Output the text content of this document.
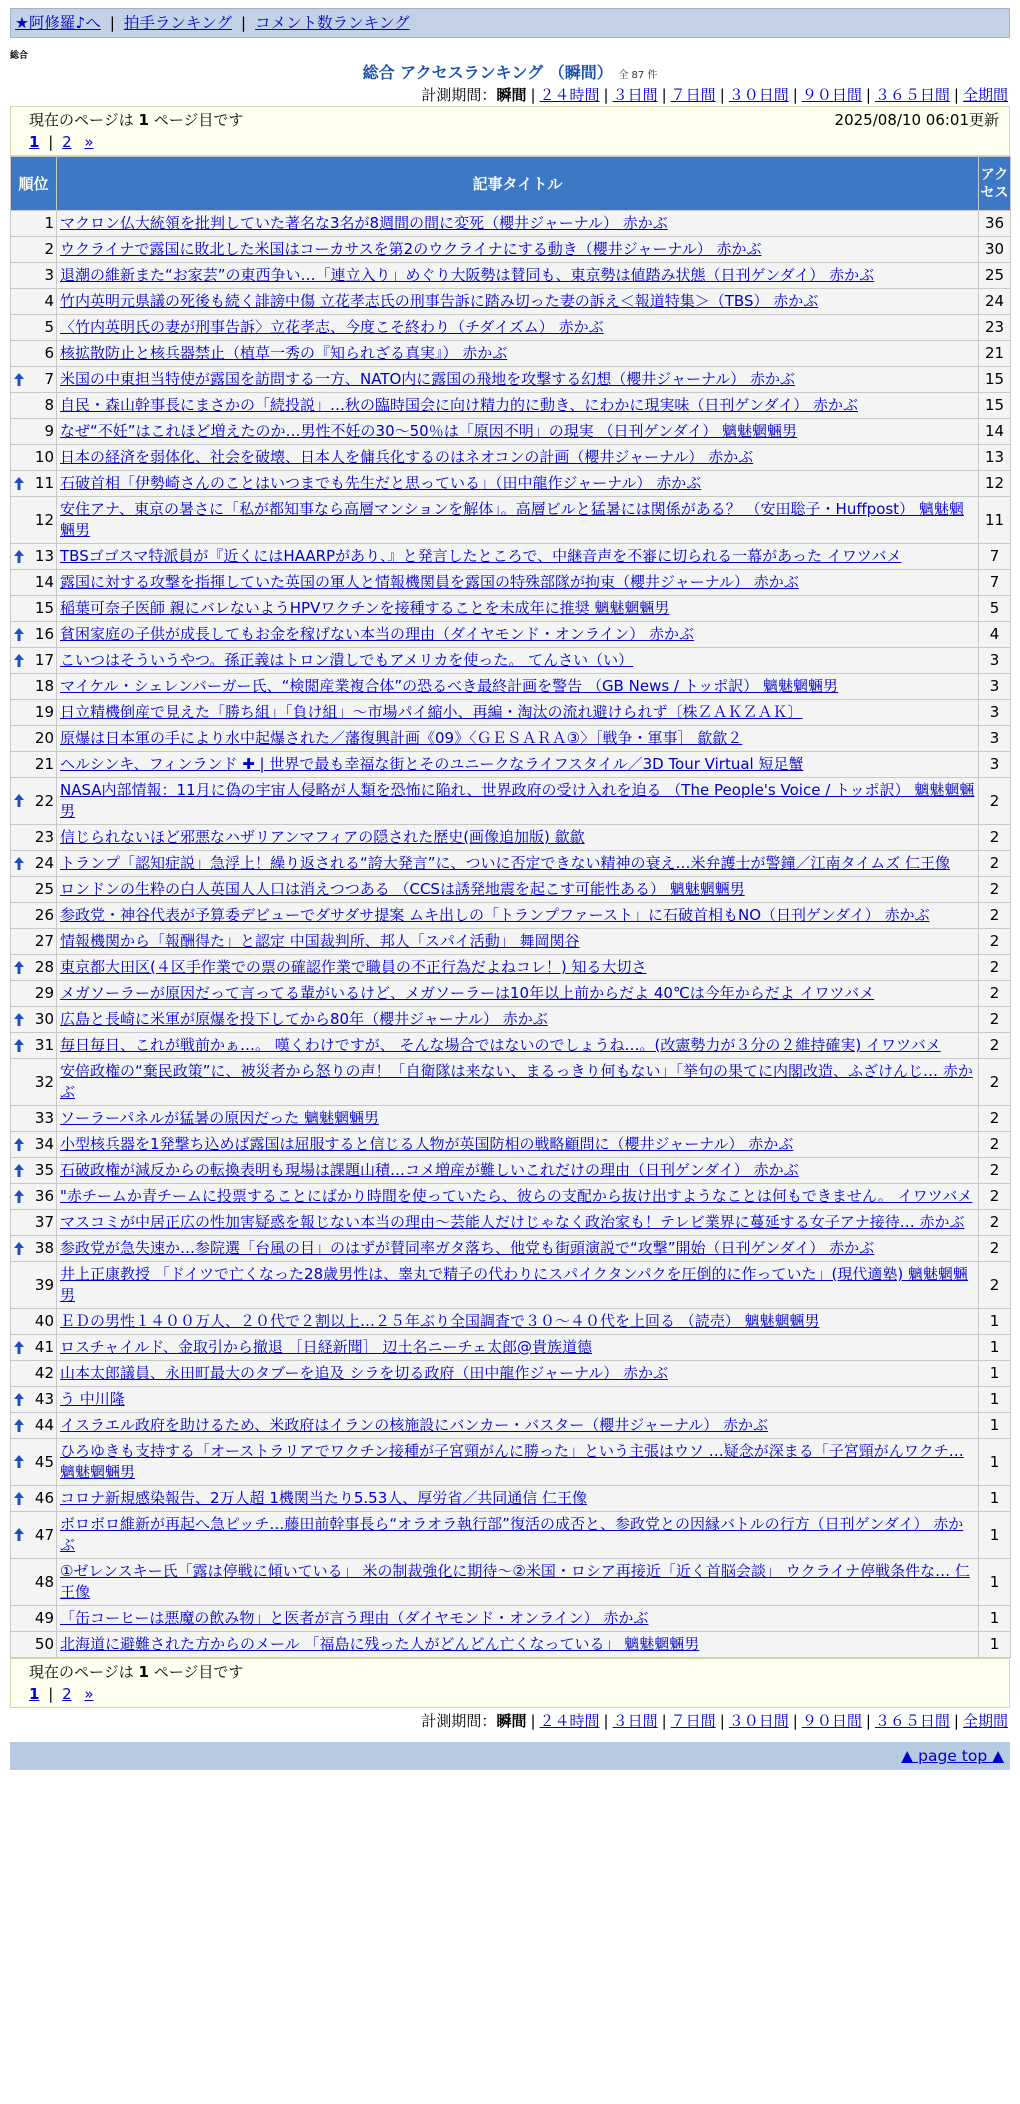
★阿修羅♪へ | 拍手ランキング | コメント数ランキング
総合
総合 アクセスランキング （瞬間） 全 87 件
計測期間：瞬間 | ２４時間 | ３日間 | ７日間 | ３０日間 | ９０日間 | ３６５日間 | 全期間
現在のページは 1 ページ目です	2025/08/10 06:01更新
1 | 2 »
順位	記事タイトル	アクセス
1	マクロン仏大統領を批判していた著名な3名が8週間の間に変死（櫻井ジャーナル） 赤かぶ	36
2	ウクライナで露国に敗北した米国はコーカサスを第2のウクライナにする動き（櫻井ジャーナル） 赤かぶ	30
3	退潮の維新また“お家芸”の東西争い…「連立入り」めぐり大阪勢は賛同も、東京勢は値踏み状態（日刊ゲンダイ） 赤かぶ	25
4	竹内英明元県議の死後も続く誹謗中傷 立花孝志氏の刑事告訴に踏み切った妻の訴え＜報道特集＞（TBS） 赤かぶ	24
5	〈竹内英明氏の妻が刑事告訴〉立花孝志、今度こそ終わり（チダイズム） 赤かぶ	23
6	核拡散防止と核兵器禁止（植草一秀の『知られざる真実』） 赤かぶ	21

7	米国の中東担当特使が露国を訪問する一方、NATO内に露国の飛地を攻撃する幻想（櫻井ジャーナル） 赤かぶ	15
8	自民・森山幹事長にまさかの「続投説」…秋の臨時国会に向け精力的に動き、にわかに現実味（日刊ゲンダイ） 赤かぶ	15
9	なぜ“不妊”はこれほど増えたのか…男性不妊の30～50％は「原因不明」の現実 （日刊ゲンダイ） 魑魅魍魎男	14
10	日本の経済を弱体化、社会を破壊、日本人を傭兵化するのはネオコンの計画（櫻井ジャーナル） 赤かぶ	13

11	石破首相「伊勢崎さんのことはいつまでも先生だと思っている」（田中龍作ジャーナル） 赤かぶ	12
12	安住アナ、東京の暑さに「私が都知事なら高層マンションを解体」。高層ビルと猛暑には関係がある？ （安田聡子・Huffpost） 魑魅魍魎男	11

13	TBSゴゴスマ特派員が『近くにはHAARPがあり、』と発言したところで、中継音声を不審に切られる一幕があった イワツバメ	7
14	露国に対する攻撃を指揮していた英国の軍人と情報機関員を露国の特殊部隊が拘束（櫻井ジャーナル） 赤かぶ	7
15	稲葉可奈子医師 親にバレないようHPVワクチンを接種することを未成年に推奨 魑魅魍魎男	5

16	貧困家庭の子供が成長してもお金を稼げない本当の理由（ダイヤモンド・オンライン） 赤かぶ	4

17	こいつはそういうやつ。孫正義はトロン潰しでもアメリカを使った。 てんさい（い）	3
18	マイケル・シェレンバーガー氏、“検閲産業複合体”の恐るべき最終計画を警告 （GB News / トッポ訳） 魑魅魍魎男	3
19	日立精機倒産で見えた「勝ち組」「負け組」～市場パイ縮小、再編・淘汰の流れ避けられず〔株ＺＡＫＺＡＫ〕	3
20	原爆は日本軍の手により水中起爆された／藩復興計画《09》〈ＧＥＳＡＲＡ③〉［戦争・軍事］ 歙歙２	3
21	ヘルシンキ、フィンランド ✚ | 世界で最も幸福な街とそのユニークなライフスタイル／3D Tour Virtual 短足蟹	3

22	NASA内部情報：11月に偽の宇宙人侵略が人類を恐怖に陥れ、世界政府の受け入れを迫る （The People's Voice / トッポ訳） 魑魅魍魎男	2
23	信じられないほど邪悪なハザリアンマフィアの隠された歴史(画像追加版) 歙歙	2

24	トランプ「認知症説」急浮上！繰り返される“誇大発言”に、ついに否定できない精神の衰え…米弁護士が警鐘／江南タイムズ 仁王像	2
25	ロンドンの生粋の白人英国人人口は消えつつある （CCSは誘発地震を起こす可能性ある） 魑魅魍魎男	2
26	参政党・神谷代表が予算委デビューでダサダサ提案 ムキ出しの「トランプファースト」に石破首相もNO（日刊ゲンダイ） 赤かぶ	2
27	情報機関から「報酬得た」と認定 中国裁判所、邦人「スパイ活動」 舞岡関谷	2

28	東京都大田区(４区手作業での票の確認作業で職員の不正行為だよねコレ！) 知る大切さ	2
29	メガソーラーが原因だって言ってる輩がいるけど、メガソーラーは10年以上前からだよ 40℃は今年からだよ イワツバメ	2

30	広島と長崎に米軍が原爆を投下してから80年（櫻井ジャーナル） 赤かぶ	2

31	毎日毎日、これが戦前かぁ…。 嘆くわけですが、 そんな場合ではないのでしょうね…。(改憲勢力が３分の２維持確実) イワツバメ	2
32	安倍政権の“棄民政策”に、被災者から怒りの声！「自衛隊は来ない、まるっきり何もない」「挙句の果てに内閣改造、ふざけんじ… 赤かぶ	2
33	ソーラーパネルが猛暑の原因だった 魑魅魍魎男	2

34	小型核兵器を1発撃ち込めば露国は屈服すると信じる人物が英国防相の戦略顧問に（櫻井ジャーナル） 赤かぶ	2

35	石破政権が減反からの転換表明も現場は課題山積…コメ増産が難しいこれだけの理由（日刊ゲンダイ） 赤かぶ	2

36	"赤チームか青チームに投票することにばかり時間を使っていたら、彼らの支配から抜け出すようなことは何もできません。 イワツバメ	2
37	マスコミが中居正広の性加害疑惑を報じない本当の理由～芸能人だけじゃなく政治家も！テレビ業界に蔓延する女子アナ接待… 赤かぶ	2

38	参政党が急失速か…参院選「台風の目」のはずが賛同率ガタ落ち、他党も街頭演説で“攻撃”開始（日刊ゲンダイ） 赤かぶ	2
39	井上正康教授 「ドイツで亡くなった28歳男性は、睾丸で精子の代わりにスパイクタンパクを圧倒的に作っていた」(現代適塾) 魑魅魍魎男	2
40	ＥＤの男性１４００万人、２０代で２割以上…２５年ぶり全国調査で３０～４０代を上回る （読売） 魑魅魍魎男	1

41	ロスチャイルド、金取引から撤退 ［日経新聞］ 辺土名ニーチェ太郎@貴族道德	1
42	山本太郎議員、永田町最大のタブーを追及 シラを切る政府（田中龍作ジャーナル） 赤かぶ	1

43	う 中川隆	1

44	イスラエル政府を助けるため、米政府はイランの核施設にバンカー・バスター（櫻井ジャーナル） 赤かぶ	1

45	ひろゆきも支持する「オーストラリアでワクチン接種が子宮頸がんに勝った」という主張はウソ …疑念が深まる「子宮頸がんワクチ… 魑魅魍魎男	1

46	コロナ新規感染報告、2万人超 1機関当たり5.53人、厚労省／共同通信 仁王像	1

47	ボロボロ維新が再起へ急ピッチ…藤田前幹事長ら“オラオラ執行部”復活の成否と、参政党との因縁バトルの行方（日刊ゲンダイ） 赤かぶ	1
48	①ゼレンスキー氏「露は停戦に傾いている」 米の制裁強化に期待～②米国・ロシア再接近「近く首脳会談」 ウクライナ停戦条件な… 仁王像	1
49	「缶コーヒーは悪魔の飲み物」と医者が言う理由（ダイヤモンド・オンライン） 赤かぶ	1
50	北海道に避難された方からのメール 「福島に残った人がどんどん亡くなっている」 魑魅魍魎男	1
現在のページは 1 ページ目です
1 | 2 »
計測期間：瞬間 | ２４時間 | ３日間 | ７日間 | ３０日間 | ９０日間 | ３６５日間 | 全期間
▲ page top ▲
